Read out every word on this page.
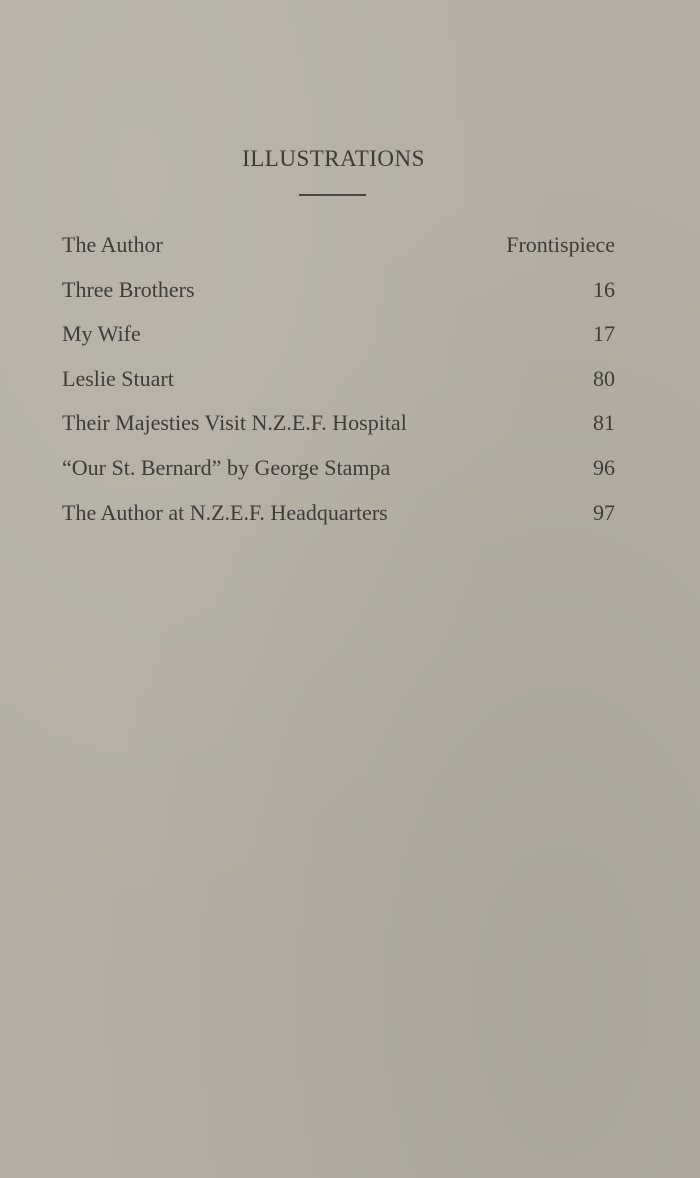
ILLUSTRATIONS
The Author	Frontispiece
Three Brothers	16
My Wife	17
Leslie Stuart	80
Their Majesties Visit N.Z.E.F. Hospital	81
“Our St. Bernard” by George Stampa	96
The Author at N.Z.E.F. Headquarters	97
